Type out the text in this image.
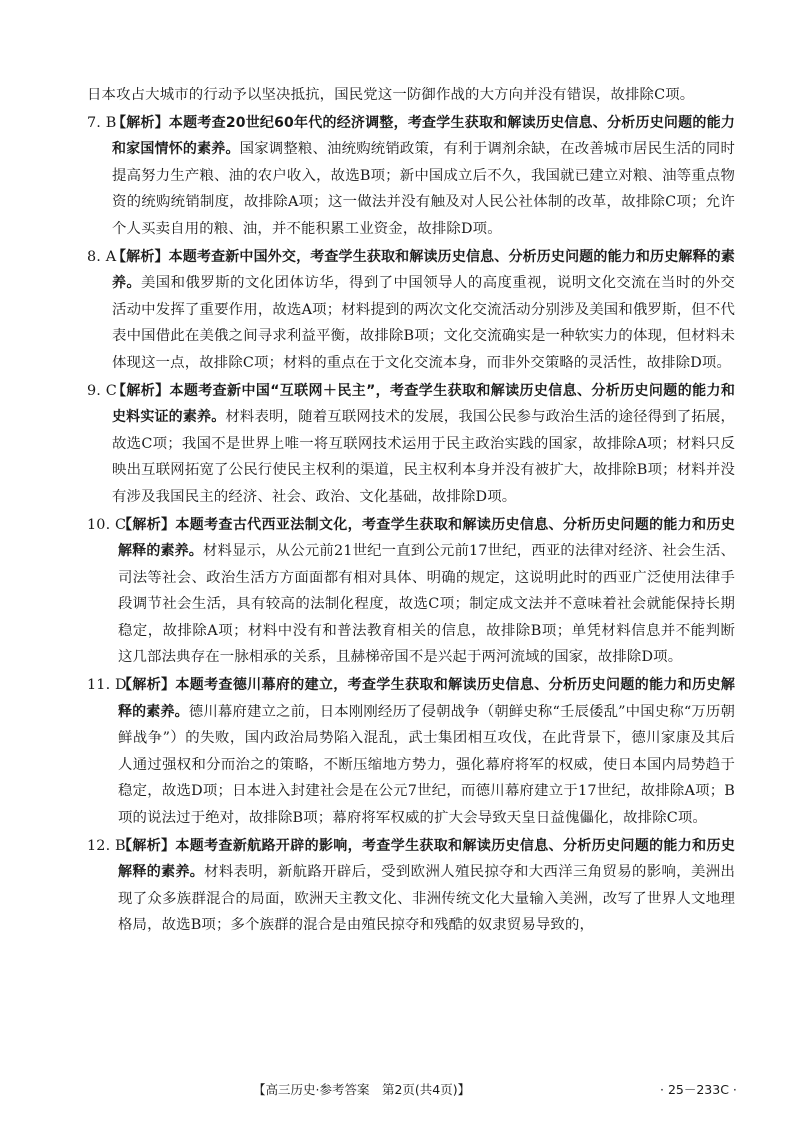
日本攻占大城市的行动予以坚决抵抗，国民党这一防御作战的大方向并没有错误，故排除C项。
7. B
【解析】本题考查20世纪60年代的经济调整，考查学生获取和解读历史信息、分析历史问题的能力和家国情怀的素养。国家调整粮、油统购统销政策，有利于调剂余缺，在改善城市居民生活的同时提高努力生产粮、油的农户收入，故选B项；新中国成立后不久，我国就已建立对粮、油等重点物资的统购统销制度，故排除A项；这一做法并没有触及对人民公社体制的改革，故排除C项；允许个人买卖自用的粮、油，并不能积累工业资金，故排除D项。
8. A
【解析】本题考查新中国外交，考查学生获取和解读历史信息、分析历史问题的能力和历史解释的素养。美国和俄罗斯的文化团体访华，得到了中国领导人的高度重视，说明文化交流在当时的外交活动中发挥了重要作用，故选A项；材料提到的两次文化交流活动分别涉及美国和俄罗斯，但不代表中国借此在美俄之间寻求利益平衡，故排除B项；文化交流确实是一种软实力的体现，但材料未体现这一点，故排除C项；材料的重点在于文化交流本身，而非外交策略的灵活性，故排除D项。
9. C
【解析】本题考查新中国“互联网＋民主”，考查学生获取和解读历史信息、分析历史问题的能力和史料实证的素养。材料表明，随着互联网技术的发展，我国公民参与政治生活的途径得到了拓展，故选C项；我国不是世界上唯一将互联网技术运用于民主政治实践的国家，故排除A项；材料只反映出互联网拓宽了公民行使民主权利的渠道，民主权利本身并没有被扩大，故排除B项；材料并没有涉及我国民主的经济、社会、政治、文化基础，故排除D项。
10. C
【解析】本题考查古代西亚法制文化，考查学生获取和解读历史信息、分析历史问题的能力和历史解释的素养。材料显示，从公元前21世纪一直到公元前17世纪，西亚的法律对经济、社会生活、司法等社会、政治生活方方面面都有相对具体、明确的规定，这说明此时的西亚广泛使用法律手段调节社会生活，具有较高的法制化程度，故选C项；制定成文法并不意味着社会就能保持长期稳定，故排除A项；材料中没有和普法教育相关的信息，故排除B项；单凭材料信息并不能判断这几部法典存在一脉相承的关系，且赫梯帝国不是兴起于两河流域的国家，故排除D项。
11. D
【解析】本题考查德川幕府的建立，考查学生获取和解读历史信息、分析历史问题的能力和历史解释的素养。德川幕府建立之前，日本刚刚经历了侵朝战争（朝鲜史称“壬辰倭乱”中国史称“万历朝鲜战争”）的失败，国内政治局势陷入混乱，武士集团相互攻伐，在此背景下，德川家康及其后人通过强权和分而治之的策略，不断压缩地方势力，强化幕府将军的权威，使日本国内局势趋于稳定，故选D项；日本进入封建社会是在公元7世纪，而德川幕府建立于17世纪，故排除A项；B项的说法过于绝对，故排除B项；幕府将军权威的扩大会导致天皇日益傀儡化，故排除C项。
12. B
【解析】本题考查新航路开辟的影响，考查学生获取和解读历史信息、分析历史问题的能力和历史解释的素养。材料表明，新航路开辟后，受到欧洲人殖民掠夺和大西洋三角贸易的影响，美洲出现了众多族群混合的局面，欧洲天主教文化、非洲传统文化大量输入美洲，改写了世界人文地理格局，故选B项；多个族群的混合是由殖民掠夺和残酷的奴隶贸易导致的，
【高三历史·参考答案　第2页(共4页)】	· 25－233C ·
